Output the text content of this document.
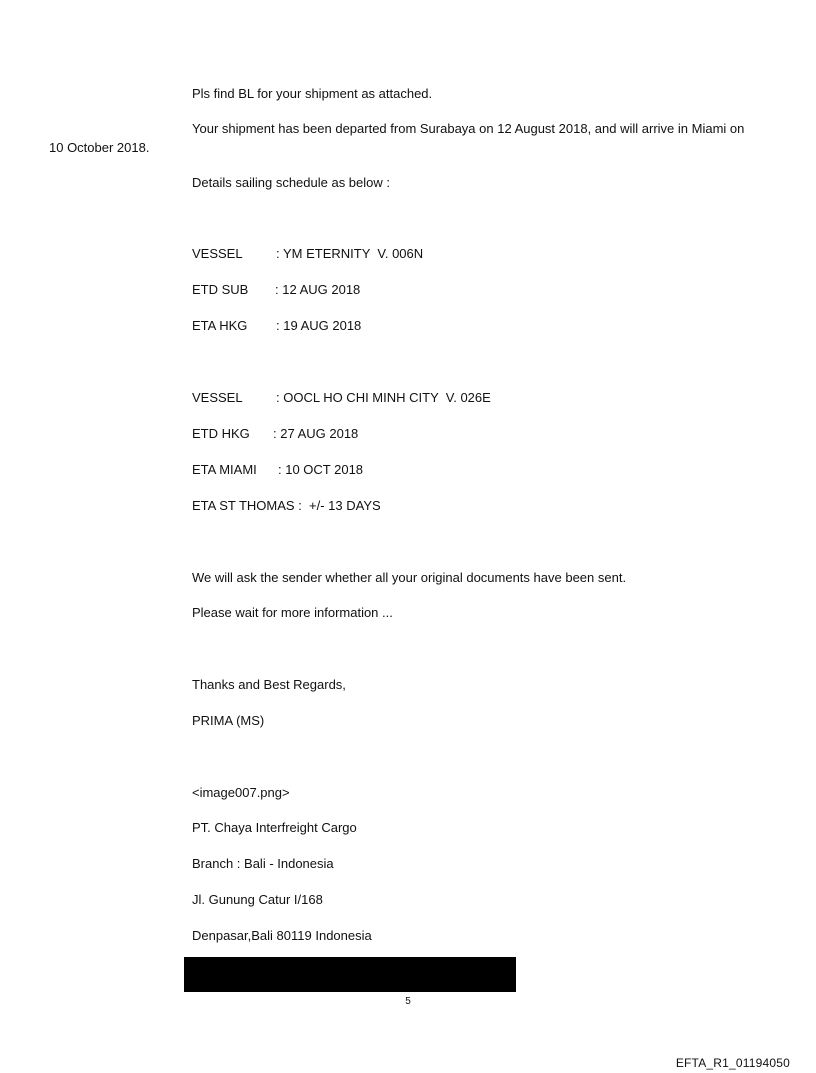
Pls find BL for your shipment as attached.
Your shipment has been departed from Surabaya on 12 August 2018, and will arrive in Miami on
10 October 2018.
Details sailing schedule as below :

VESSEL

	: YM ETERNITY  V. 006N

ETD SUB

: 12 AUG 2018

ETA HKG

: 19 AUG 2018

VESSEL

	: OOCL HO CHI MINH CITY  V. 026E

ETD HKG

: 27 AUG 2018

ETA MIAMI

: 10 OCT 2018

ETA ST THOMAS :  +/- 13 DAYS
We will ask the sender whether all your original documents have been sent.
Please wait for more information ...
Thanks and Best Regards,
PRIMA (MS)
<image007.png>
PT. Chaya Interfreight Cargo
Branch : Bali - Indonesia
Jl. Gunung Catur I/168
Denpasar,Bali 80119 Indonesia
5
EFTA_R1_01194050
